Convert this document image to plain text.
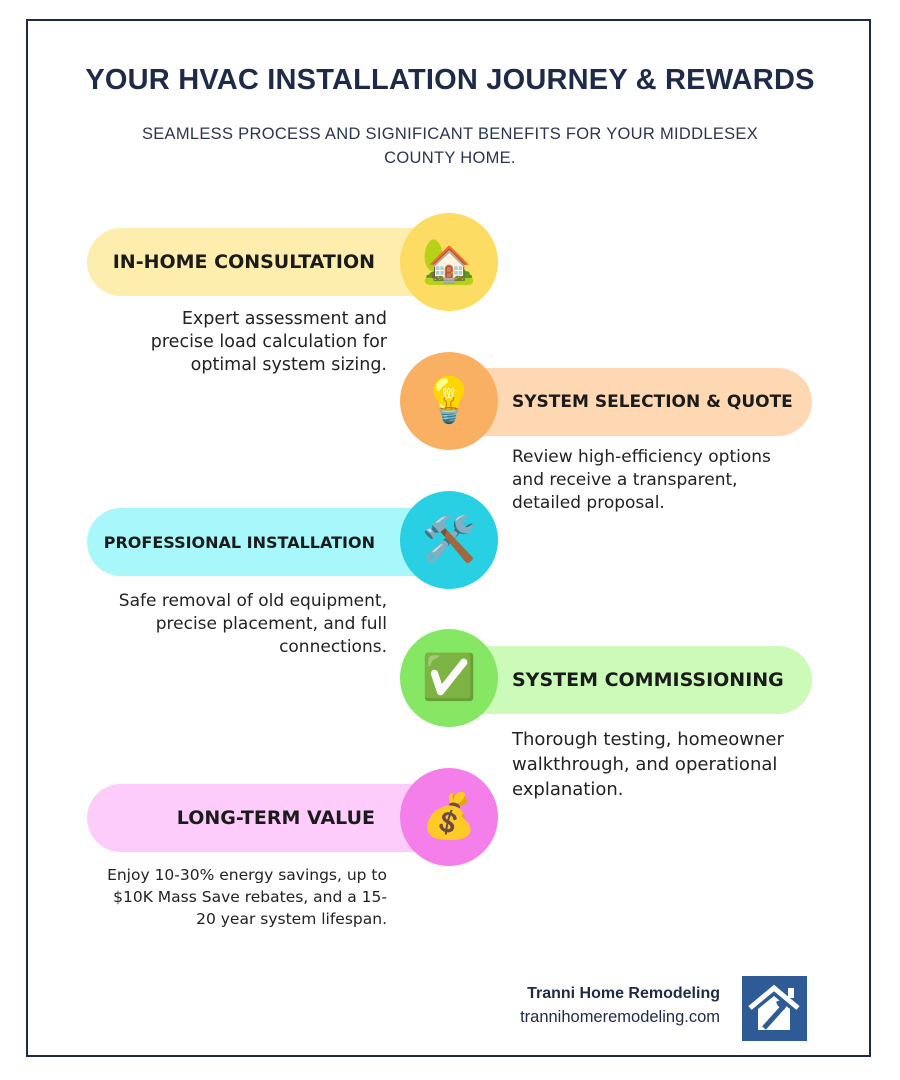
YOUR HVAC INSTALLATION JOURNEY & REWARDS
SEAMLESS PROCESS AND SIGNIFICANT BENEFITS FOR YOUR MIDDLESEX COUNTY HOME.
IN-HOME CONSULTATION 🏡
Expert assessment and precise load calculation for optimal system sizing.
SYSTEM SELECTION & QUOTE
💡
Review high-efficiency options and receive a transparent, detailed proposal.
PROFESSIONAL INSTALLATION 🛠️
Safe removal of old equipment, precise placement, and full connections.
SYSTEM COMMISSIONING
✅
Thorough testing, homeowner walkthrough, and operational explanation.
LONG-TERM VALUE 💰
Enjoy 10-30% energy savings, up to $10K Mass Save rebates, and a 15-20 year system lifespan.
Tranni Home Remodeling
trannihomeremodeling.com
